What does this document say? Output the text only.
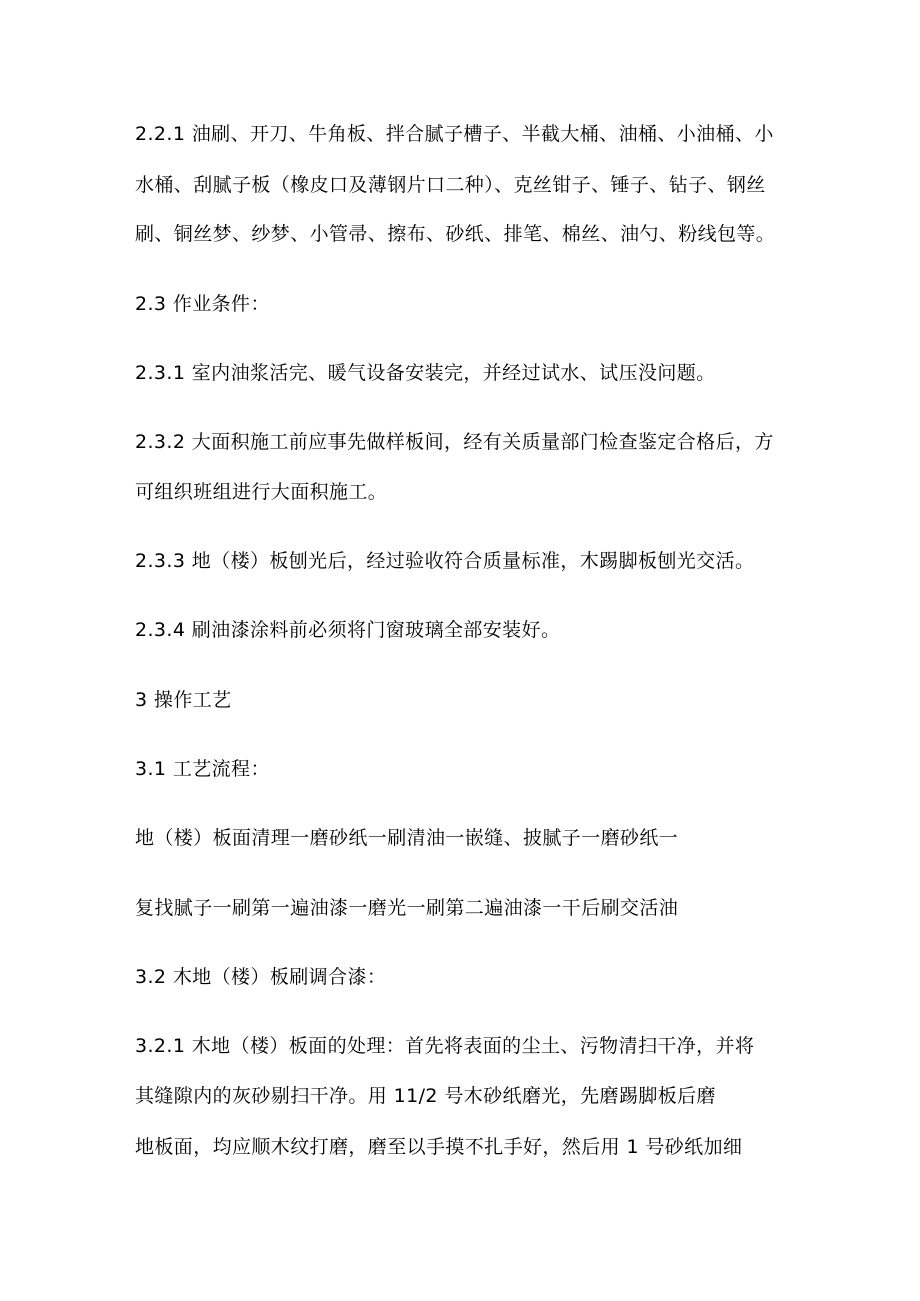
2.2.1 油刷、开刀、牛角板、拌合腻子槽子、半截大桶、油桶、小油桶、小
水桶、刮腻子板（橡皮口及薄钢片口二种）、克丝钳子、锤子、钻子、钢丝
刷、铜丝梦、纱梦、小管帚、擦布、砂纸、排笔、棉丝、油勺、粉线包等。
2.3 作业条件：
2.3.1 室内油浆活完、暖气设备安装完，并经过试水、试压没问题。
2.3.2 大面积施工前应事先做样板间，经有关质量部门检查鉴定合格后，方
可组织班组进行大面积施工。
2.3.3 地（楼）板刨光后，经过验收符合质量标准，木踢脚板刨光交活。
2.3.4 刷油漆涂料前必须将门窗玻璃全部安装好。
3 操作工艺
3.1 工艺流程：
地（楼）板面清理一磨砂纸一刷清油一嵌缝、披腻子一磨砂纸一
复找腻子一刷第一遍油漆一磨光一刷第二遍油漆一干后刷交活油
3.2 木地（楼）板刷调合漆：
3.2.1 木地（楼）板面的处理：首先将表面的尘土、污物清扫干净，并将
其缝隙内的灰砂剔扫干净。用 11/2 号木砂纸磨光，先磨踢脚板后磨
地板面，均应顺木纹打磨，磨至以手摸不扎手好，然后用 1 号砂纸加细
